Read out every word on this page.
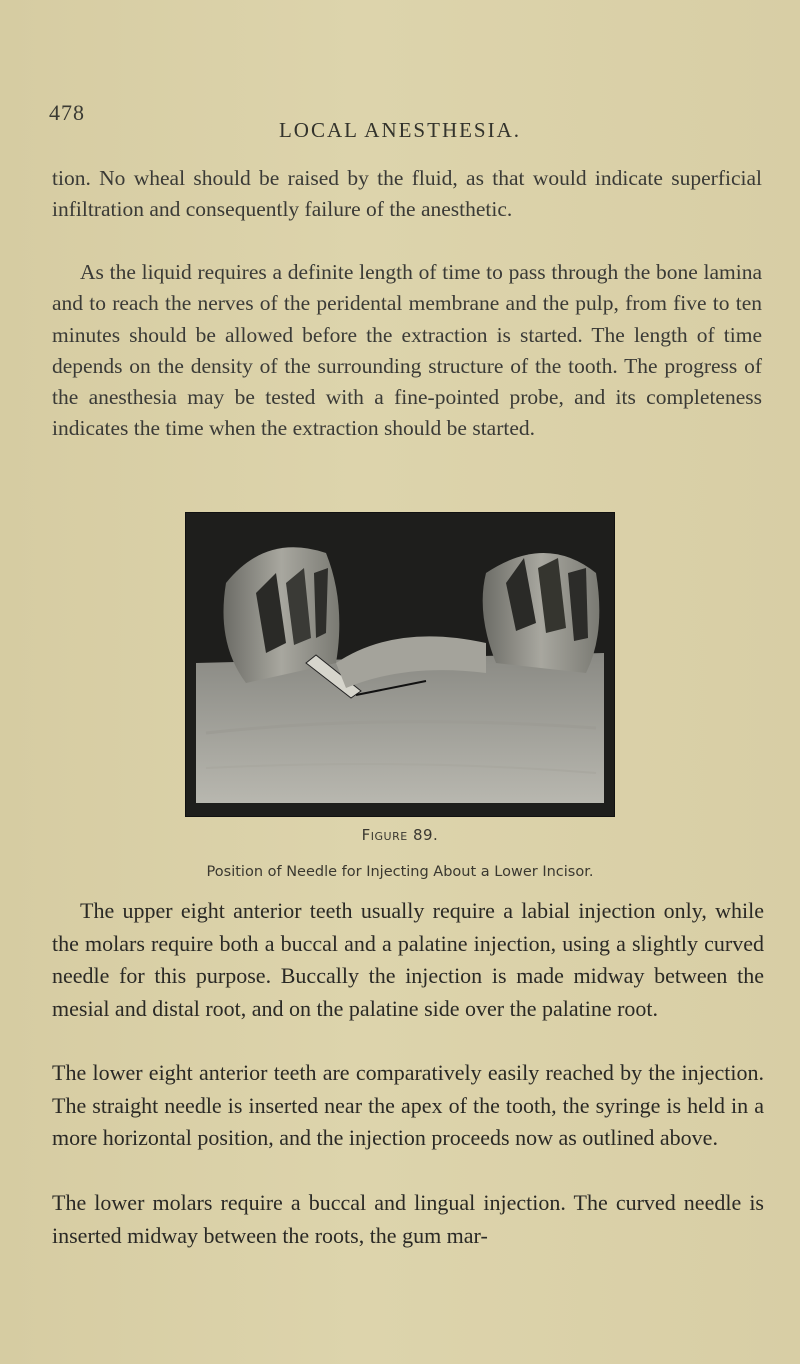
478
LOCAL ANESTHESIA.

tion. No wheal should be raised by the fluid, as that would indicate superficial infiltration and consequently failure of the anesthetic.

As the liquid requires a definite length of time to pass through the bone lamina and to reach the nerves of the peridental membrane and the pulp, from five to ten minutes should be allowed before the extraction is started. The length of time depends on the density of the surrounding structure of the tooth. The progress of the anesthesia may be tested with a fine-pointed probe, and its completeness indicates the time when the extraction should be started.

Figure 89.
Position of Needle for Injecting About a Lower Incisor.

The upper eight anterior teeth usually require a labial injection only, while the molars require both a buccal and a palatine injection, using a slightly curved needle for this purpose. Buccally the injection is made midway between the mesial and distal root, and on the palatine side over the palatine root.

The lower eight anterior teeth are comparatively easily reached by the injection. The straight needle is inserted near the apex of the tooth, the syringe is held in a more horizontal position, and the injection proceeds now as outlined above.

The lower molars require a buccal and lingual injection. The curved needle is inserted midway between the roots, the gum mar-
